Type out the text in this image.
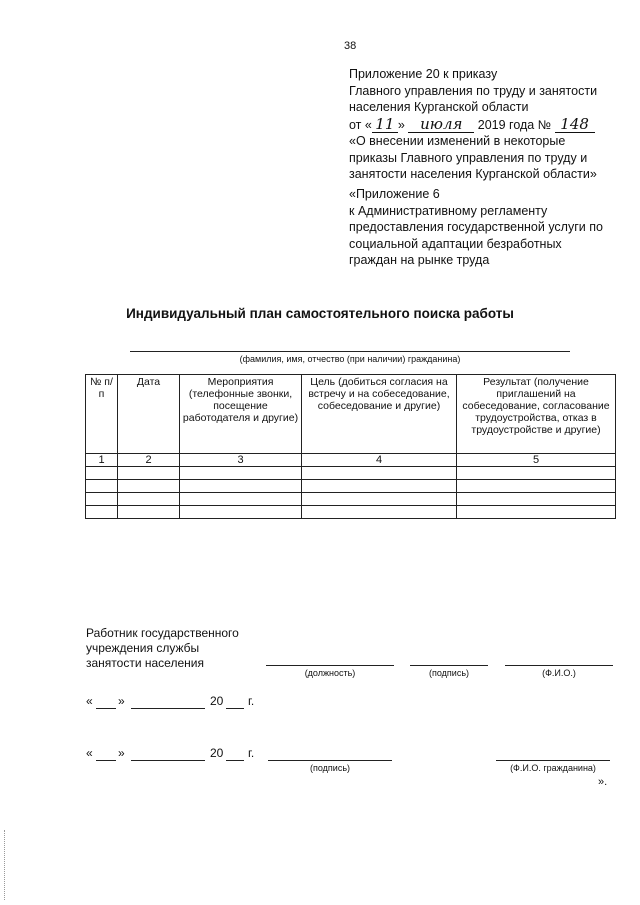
38
Приложение 20 к приказу
Главного управления по труду и занятости
населения Курганской области
от « 11 » июля 2019 года № 148
«О внесении изменений в некоторые
приказы Главного управления по труду и
занятости населения Курганской области»
«Приложение 6
к Административному регламенту
предоставления государственной услуги по
социальной адаптации безработных
граждан на рынке труда
Индивидуальный план самостоятельного поиска работы
(фамилия, имя, отчество (при наличии) гражданина)
№ п/п	Дата	Мероприятия (телефонные звонки, посещение работодателя и другие)	Цель (добиться согласия на встречу и на собеседование, собеседование и другие)	Результат (получение приглашений на собеседование, согласование трудоустройства, отказ в трудоустройстве и другие)
1	2	3	4	5

Работник государственного
учреждения службы
занятости населения
(должность)	(подпись)	(Ф.И.О.)
« »	20 г.
« »	20 г.
(подпись)	(Ф.И.О. гражданина)
».
